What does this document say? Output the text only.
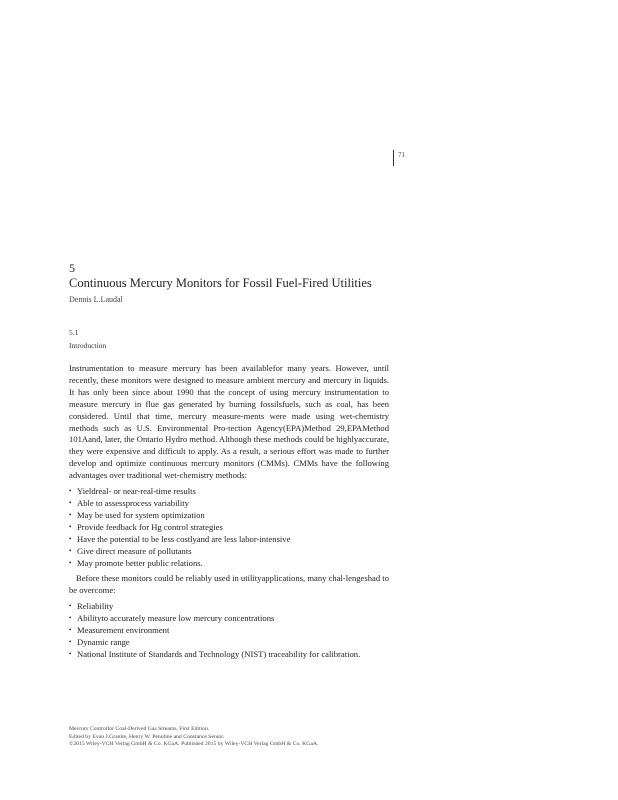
71
5
Continuous Mercury Monitors for Fossil Fuel-Fired Utilities
Dennis L.Laudal
5.1
Introduction

Instrumentation to measure mercury has been availablefor many years. However, until recently, these monitors were designed to measure ambient mercury and mercury in liquids. It has only been since about 1990 that the concept of using mercury instrumentation to measure mercury in flue gas generated by burning fossilsfuels, such as coal, has been considered. Until that time, mercury measure-ments were made using wet-chemistry methods such as U.S. Environmental Pro-tection Agency(EPA)Method 29,EPAMethod 101Aand, later, the Ontario Hydro method. Although these methods could be highlyaccurate, they were expensive and difficult to apply. As a result, a serious effort was made to further develop and optimize continuous mercury monitors (CMMs). CMMs have the following advantages over traditional wet-chemistry methods:

• Yieldreal- or near-real-time results
• Able to assessprocess variability
• May be used for system optimization
• Provide feedback for Hg control strategies
• Have the potential to be less costlyand are less labor-intensive
• Give direct measure of pollutants
• May promote better public relations.

Before these monitors could be reliably used in utilityapplications, many chal-lengeshad to be overcome:

• Reliability
• Abilityto accurately measure low mercury concentrations
• Measurement environment
• Dynamic range
• National Institute of Standards and Technology (NIST) traceability for calibration.
Mercury Controlfor Coal-Derived Gas Streams, First Edition.
Edited by Evan J.Granite, Henry W. Pennline and Constance Senior.
©2015 Wiley-VCH Verlag GmbH & Co. KGaA. Published 2015 by Wiley-VCH Verlag GmbH & Co. KGaA.
